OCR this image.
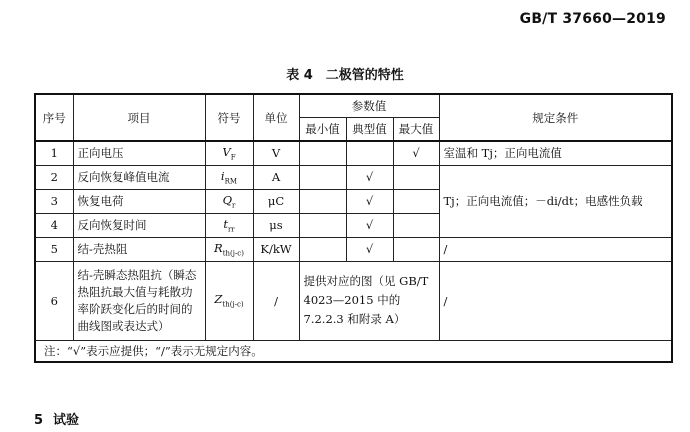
GB/T 37660—2019
表 4　二极管的特性
序号	项目	符号	单位	参数值			规定条件
				最小值	典型值	最大值	
1	正向电压	$V_F$	V			√	室温和 Tj；正向电流值
2	反向恢复峰值电流	$i_{RM}$	A		√		Tj；正向电流值；－di/dt；电感性负载
3	恢复电荷	$Q_r$	μC		√		
4	反向恢复时间	$t_{rr}$	μs		√		
5	结-壳热阻	$R_{th(j-c)}$	K/kW		√		/
6	结-壳瞬态热阻抗（瞬态热阻抗最大值与耗散功率阶跃变化后的时间的曲线图或表达式）	$Z_{th(j-c)}$	/	提供对应的图（见 GB/T 4023—2015 中的 7.2.2.3 和附录 A）			/
注：“√”表示应提供；“/”表示无规定内容。							
5 试验
